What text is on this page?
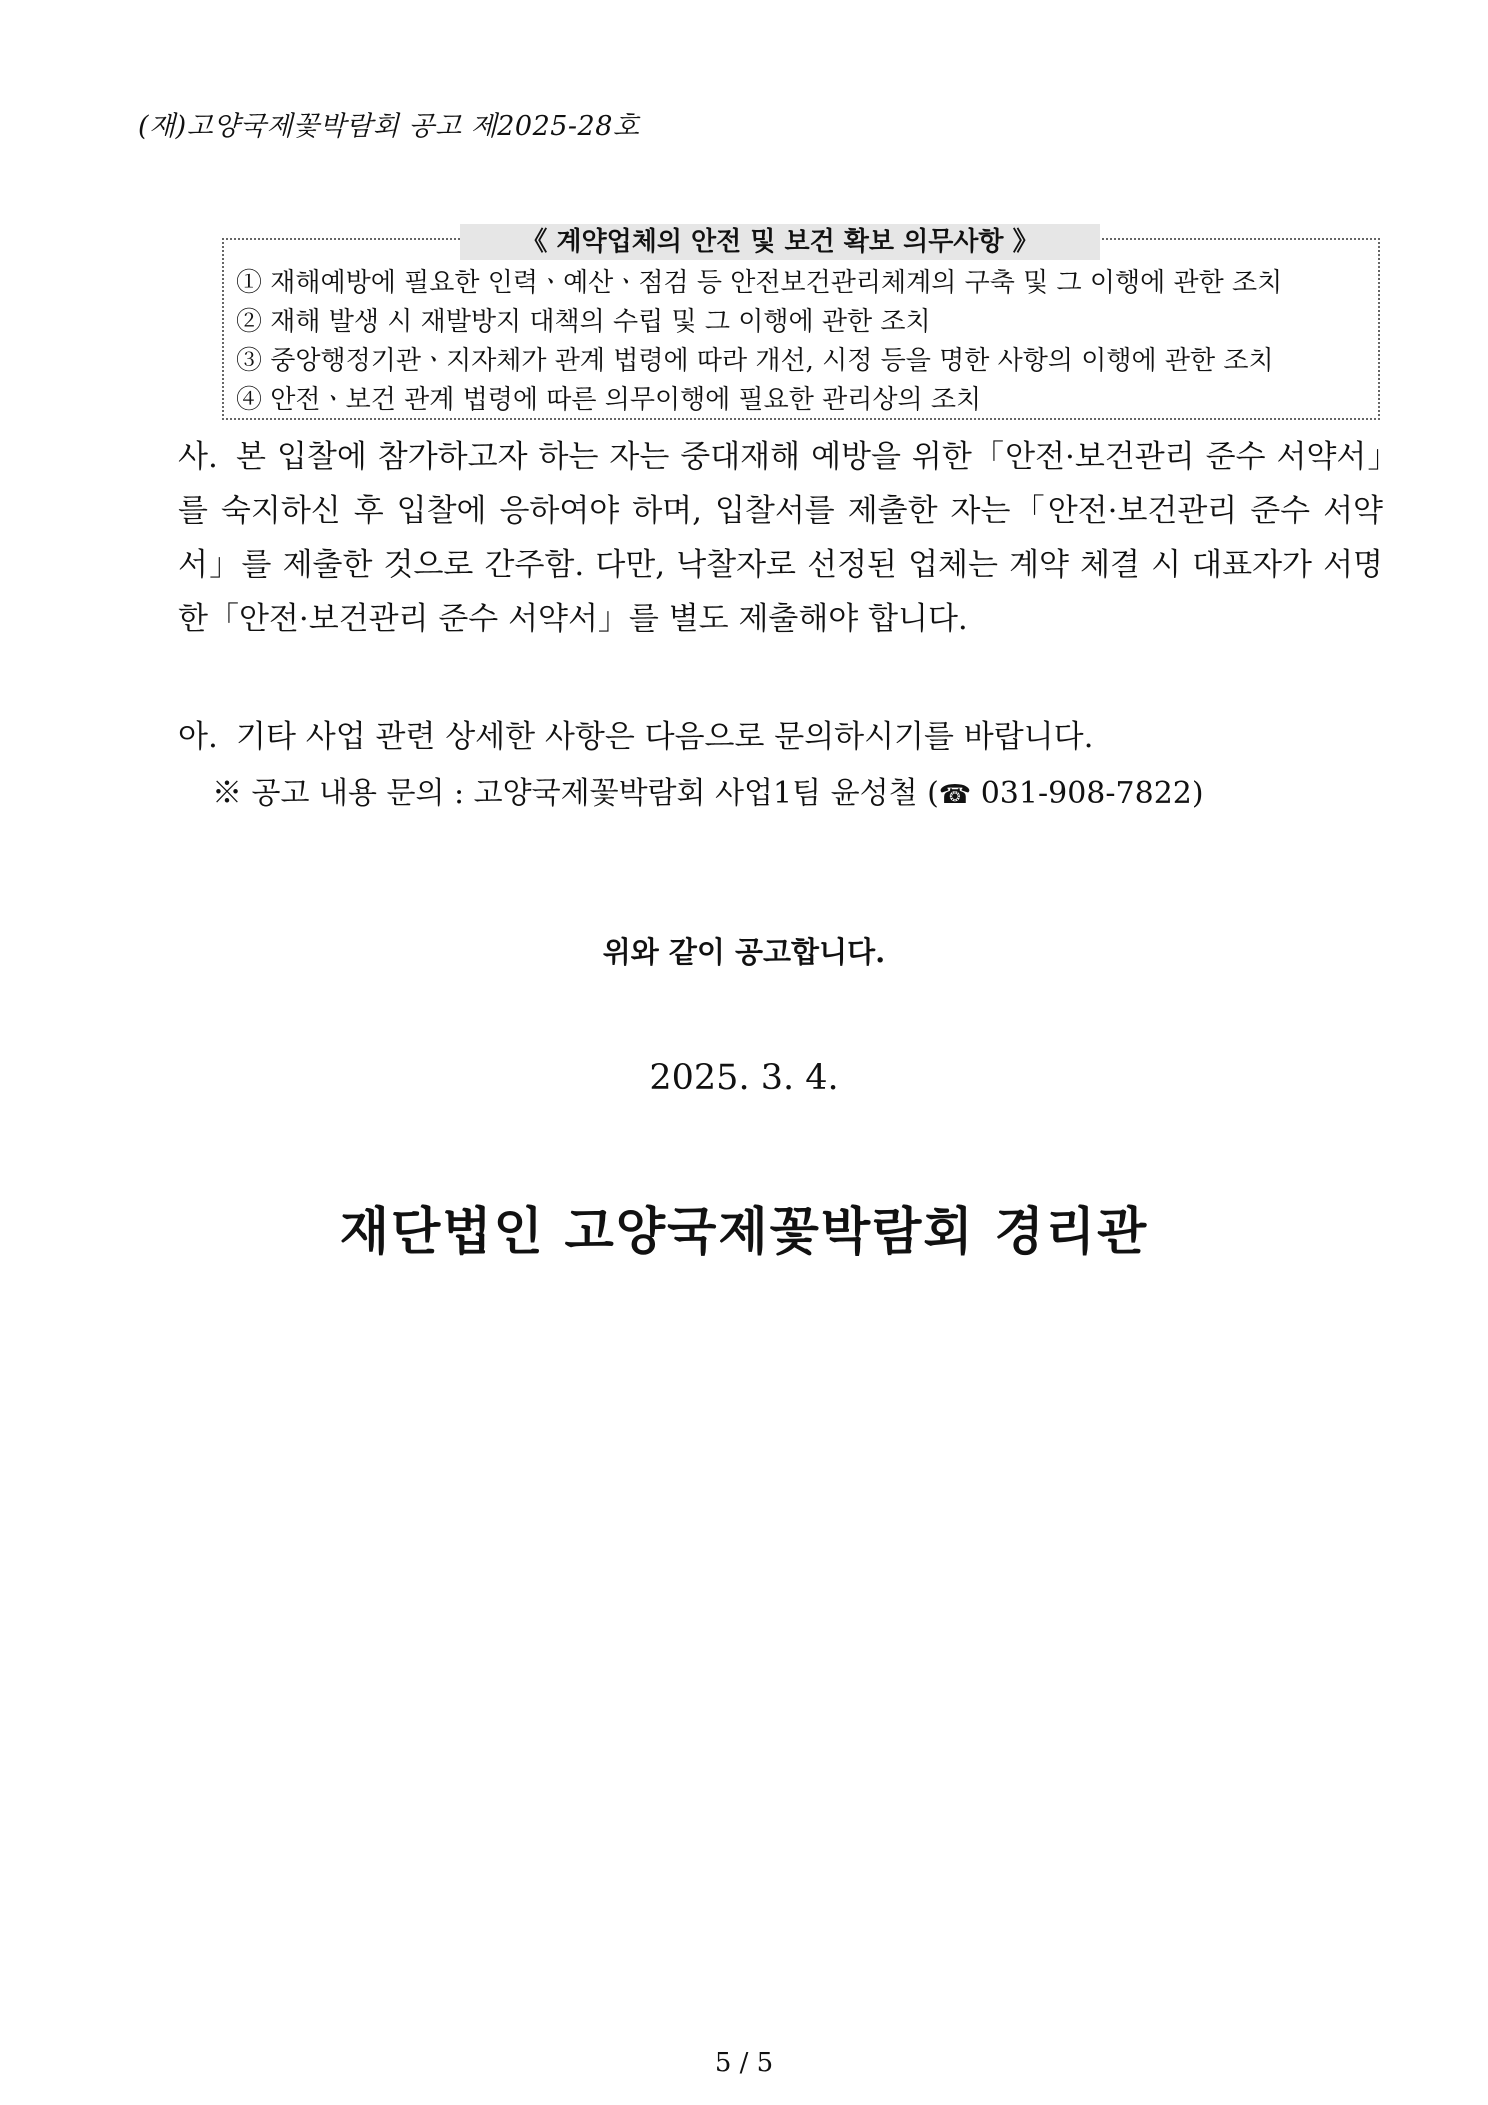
(재)고양국제꽃박람회 공고 제2025-28호
《 계약업체의 안전 및 보건 확보 의무사항 》
① 재해예방에 필요한 인력ㆍ예산ㆍ점검 등 안전보건관리체계의 구축 및 그 이행에 관한 조치
② 재해 발생 시 재발방지 대책의 수립 및 그 이행에 관한 조치
③ 중앙행정기관ㆍ지자체가 관계 법령에 따라 개선, 시정 등을 명한 사항의 이행에 관한 조치
④ 안전ㆍ보건 관계 법령에 따른 의무이행에 필요한 관리상의 조치
사. 본 입찰에 참가하고자 하는 자는 중대재해 예방을 위한「안전·보건관리 준수 서약서」를 숙지하신 후 입찰에 응하여야 하며, 입찰서를 제출한 자는「안전·보건관리 준수 서약서」를 제출한 것으로 간주함. 다만, 낙찰자로 선정된 업체는 계약 체결 시 대표자가 서명한「안전·보건관리 준수 서약서」를 별도 제출해야 합니다.
아. 기타 사업 관련 상세한 사항은 다음으로 문의하시기를 바랍니다.
※ 공고 내용 문의 : 고양국제꽃박람회 사업1팀 윤성철 (☎ 031-908-7822)
위와 같이 공고합니다.
2025. 3. 4.
재단법인 고양국제꽃박람회 경리관
5 / 5
